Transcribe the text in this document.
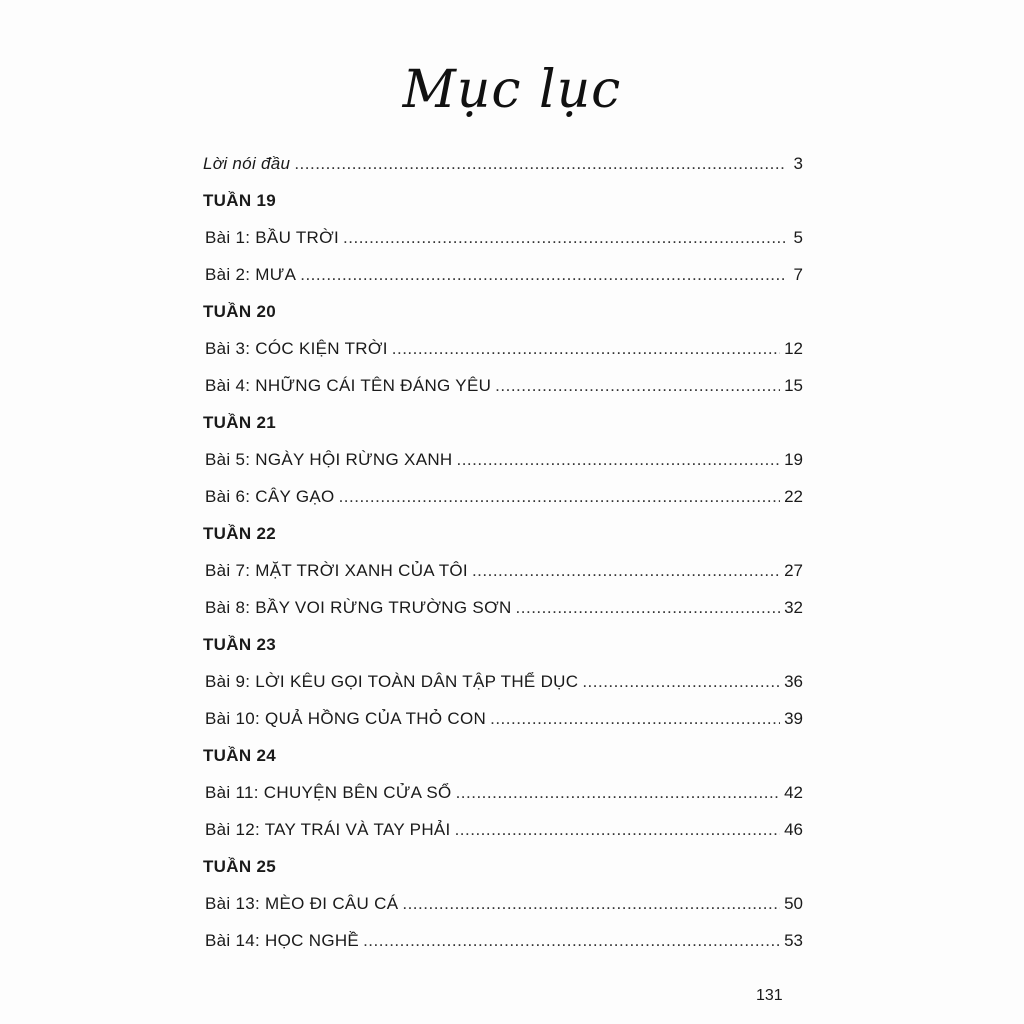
Mục lục
Lời nói đầu .....	3
TUẦN 19
Bài 1: BẦU TRỜI .....	5
Bài 2: MƯA .....	7
TUẦN 20
Bài 3: CÓC KIỆN TRỜI .....	12
Bài 4: NHỮNG CÁI TÊN ĐÁNG YÊU .....	15
TUẦN 21
Bài 5: NGÀY HỘI RỪNG XANH .....	19
Bài 6: CÂY GẠO .....	22
TUẦN 22
Bài 7: MẶT TRỜI XANH CỦA TÔI .....	27
Bài 8: BẦY VOI RỪNG TRƯỜNG SƠN .....	32
TUẦN 23
Bài 9: LỜI KÊU GỌI TOÀN DÂN TẬP THỂ DỤC .....	36
Bài 10: QUẢ HỒNG CỦA THỎ CON .....	39
TUẦN 24
Bài 11: CHUYỆN BÊN CỬA SỔ .....	42
Bài 12: TAY TRÁI VÀ TAY PHẢI .....	46
TUẦN 25
Bài 13: MÈO ĐI CÂU CÁ .....	50
Bài 14: HỌC NGHỀ .....	53
131
